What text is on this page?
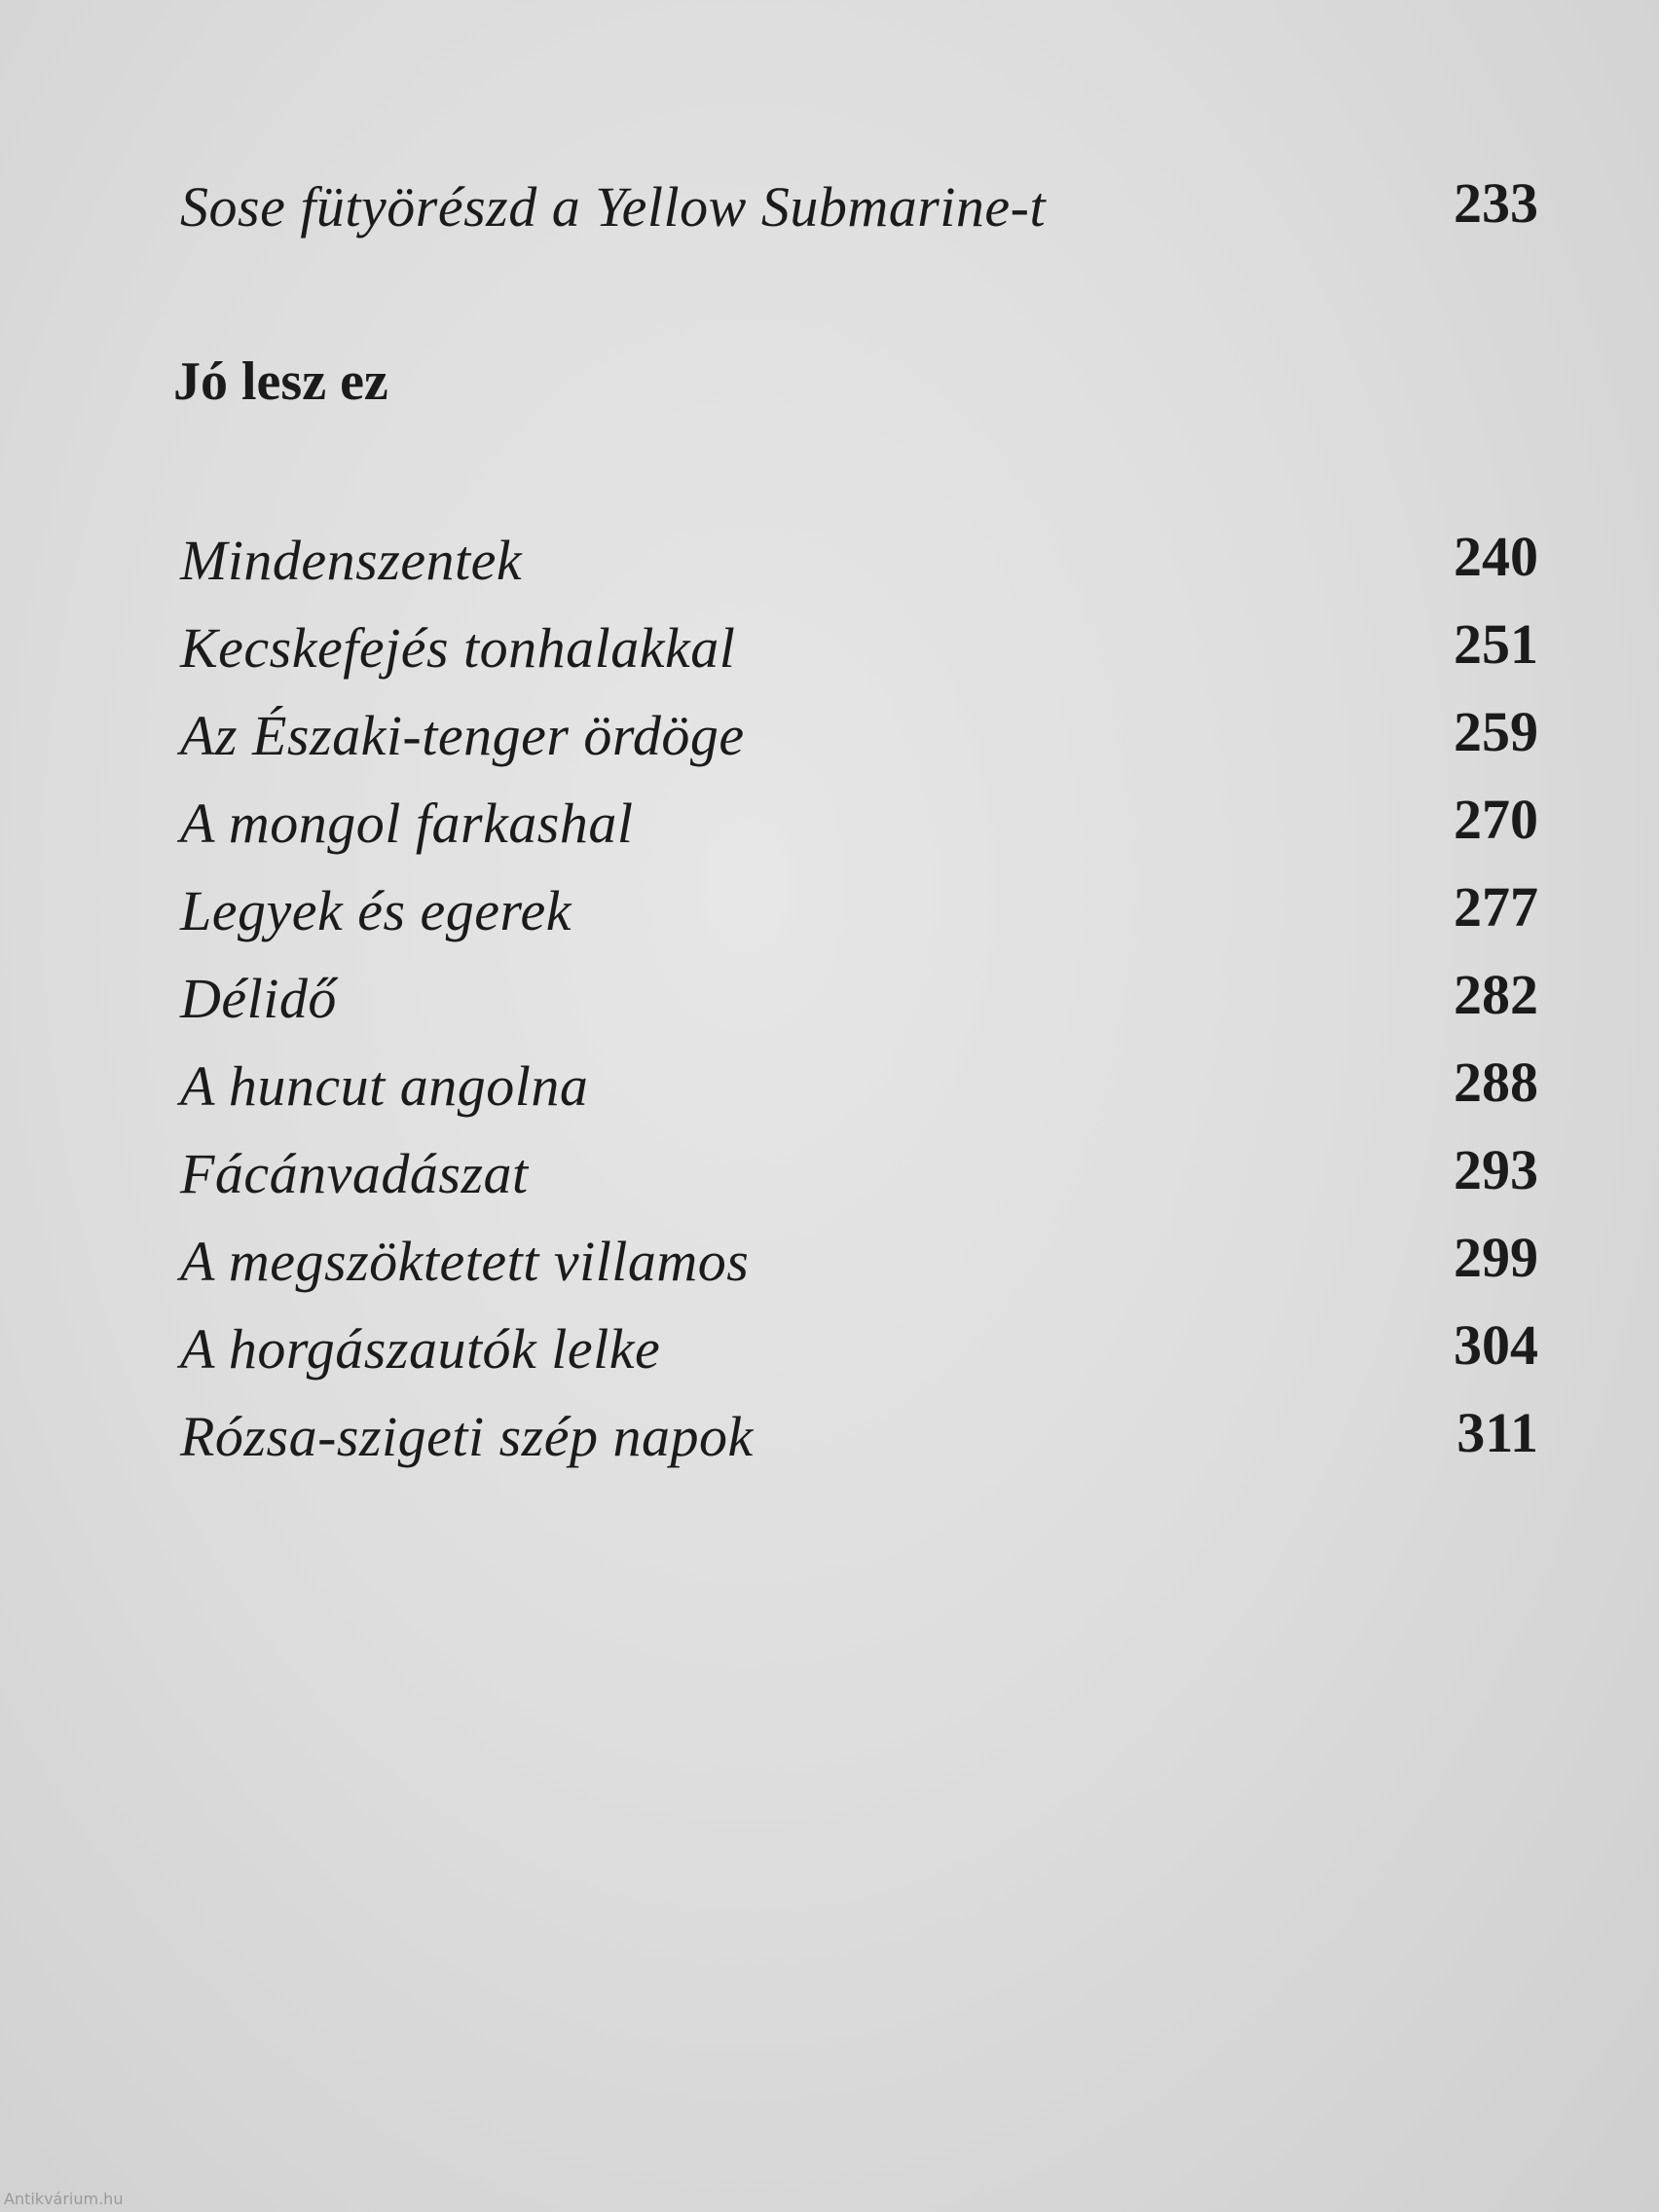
Sose fütyörészd a Yellow Submarine-t	233
Jó lesz ez
Mindenszentek	240
Kecskefejés tonhalakkal	251
Az Északi-tenger ördöge	259
A mongol farkashal	270
Legyek és egerek	277
Délidő	282
A huncut angolna	288
Fácánvadászat	293
A megszöktetett villamos	299
A horgászautók lelke	304
Rózsa-szigeti szép napok	311
Antikvárium.hu
